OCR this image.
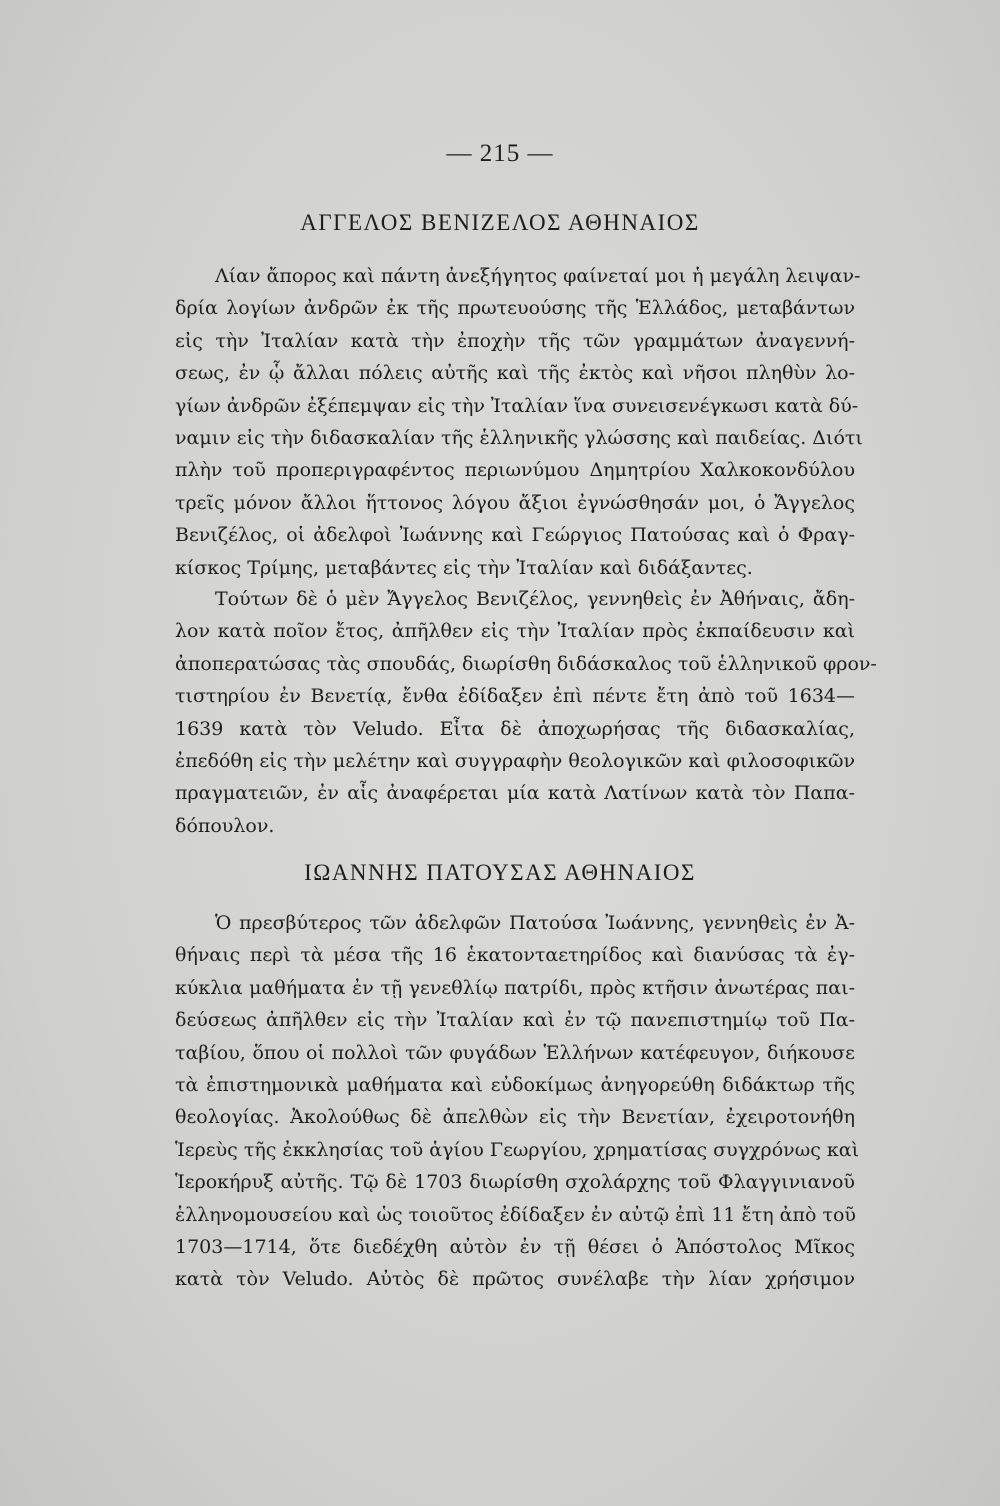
— 215 —
ΑΓΓΕΛΟΣ ΒΕΝΙΖΕΛΟΣ ΑΘΗΝΑΙΟΣ
Λίαν ἄπορος καὶ πάντη ἀνεξήγητος φαίνεταί μοι ἡ μεγάλη λειψαν-
δρία λογίων ἀνδρῶν ἐκ τῆς πρωτευούσης τῆς Ἑλλάδος, μεταβάντων
εἰς τὴν Ἰταλίαν κατὰ τὴν ἐποχὴν τῆς τῶν γραμμάτων ἀναγεννή-
σεως, ἐν ᾧ ἄλλαι πόλεις αὐτῆς καὶ τῆς ἐκτὸς καὶ νῆσοι πληθὺν λο-
γίων ἀνδρῶν ἐξέπεμψαν εἰς τὴν Ἰταλίαν ἵνα συνεισενέγκωσι κατὰ δύ-
ναμιν εἰς τὴν διδασκαλίαν τῆς ἑλληνικῆς γλώσσης καὶ παιδείας. Διότι
πλὴν τοῦ προπεριγραφέντος περιωνύμου Δημητρίου Χαλκοκονδύλου
τρεῖς μόνον ἄλλοι ἥττονος λόγου ἄξιοι ἐγνώσθησάν μοι, ὁ Ἄγγελος
Βενιζέλος, οἱ ἀδελφοὶ Ἰωάννης καὶ Γεώργιος Πατούσας καὶ ὁ Φραγ-
κίσκος Τρίμης, μεταβάντες εἰς τὴν Ἰταλίαν καὶ διδάξαντες.
Τούτων δὲ ὁ μὲν Ἄγγελος Βενιζέλος, γεννηθεὶς ἐν Ἀθήναις, ἄδη-
λον κατὰ ποῖον ἔτος, ἀπῆλθεν εἰς τὴν Ἰταλίαν πρὸς ἐκπαίδευσιν καὶ
ἀποπερατώσας τὰς σπουδάς, διωρίσθη διδάσκαλος τοῦ ἑλληνικοῦ φρον-
τιστηρίου ἐν Βενετίᾳ, ἔνθα ἐδίδαξεν ἐπὶ πέντε ἔτη ἀπὸ τοῦ 1634—
1639 κατὰ τὸν Veludo. Εἶτα δὲ ἀποχωρήσας τῆς διδασκαλίας,
ἐπεδόθη εἰς τὴν μελέτην καὶ συγγραφὴν θεολογικῶν καὶ φιλοσοφικῶν
πραγματειῶν, ἐν αἷς ἀναφέρεται μία κατὰ Λατίνων κατὰ τὸν Παπα-
δόπουλον.
ΙΩΑΝΝΗΣ ΠΑΤΟΥΣΑΣ ΑΘΗΝΑΙΟΣ
Ὁ πρεσβύτερος τῶν ἀδελφῶν Πατούσα Ἰωάννης, γεννηθεὶς ἐν Ἀ-
θήναις περὶ τὰ μέσα τῆς 16 ἑκατονταετηρίδος καὶ διανύσας τὰ ἐγ-
κύκλια μαθήματα ἐν τῇ γενεθλίῳ πατρίδι, πρὸς κτῆσιν ἀνωτέρας παι-
δεύσεως ἀπῆλθεν εἰς τὴν Ἰταλίαν καὶ ἐν τῷ πανεπιστημίῳ τοῦ Πα-
ταβίου, ὅπου οἱ πολλοὶ τῶν φυγάδων Ἑλλήνων κατέφευγον, διήκουσε
τὰ ἐπιστημονικὰ μαθήματα καὶ εὐδοκίμως ἀνηγορεύθη διδάκτωρ τῆς
θεολογίας. Ἀκολούθως δὲ ἀπελθὼν εἰς τὴν Βενετίαν, ἐχειροτονήθη
Ἱερεὺς τῆς ἐκκλησίας τοῦ ἁγίου Γεωργίου, χρηματίσας συγχρόνως καὶ
Ἱεροκήρυξ αὐτῆς. Τῷ δὲ 1703 διωρίσθη σχολάρχης τοῦ Φλαγγινιανοῦ
ἑλληνομουσείου καὶ ὡς τοιοῦτος ἐδίδαξεν ἐν αὐτῷ ἐπὶ 11 ἔτη ἀπὸ τοῦ
1703—1714, ὅτε διεδέχθη αὐτὸν ἐν τῇ θέσει ὁ Ἀπόστολος Μῖκος
κατὰ τὸν Veludo. Αὐτὸς δὲ πρῶτος συνέλαβε τὴν λίαν χρήσιμον
